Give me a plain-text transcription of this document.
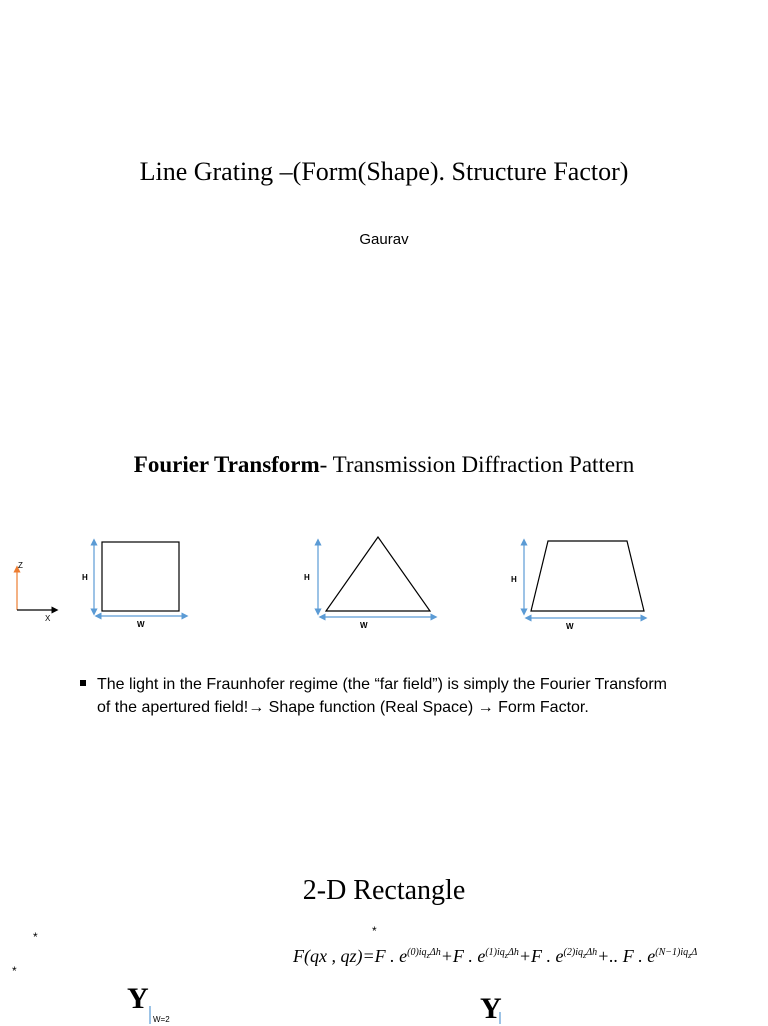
Line Grating –(Form(Shape). Structure Factor)
Gaurav
Fourier Transform- Transmission Diffraction Pattern
Z
X
H
W
H
W
H
W
The light in the Fraunhofer regime (the “far field”) is simply the Fourier Transform of the apertured field!→ Shape function (Real Space) → Form Factor.
2-D Rectangle
*
*
*
F(qx , qz)=F . $e^{(0)iq_z\Delta h}+F$ . $e^{(1)iq_z\Delta h}+F$ . $e^{(2)iq_z\Delta h}+$.. F . $e^{(N-1)iq_z\Delta}$
Y
W=2	Y
